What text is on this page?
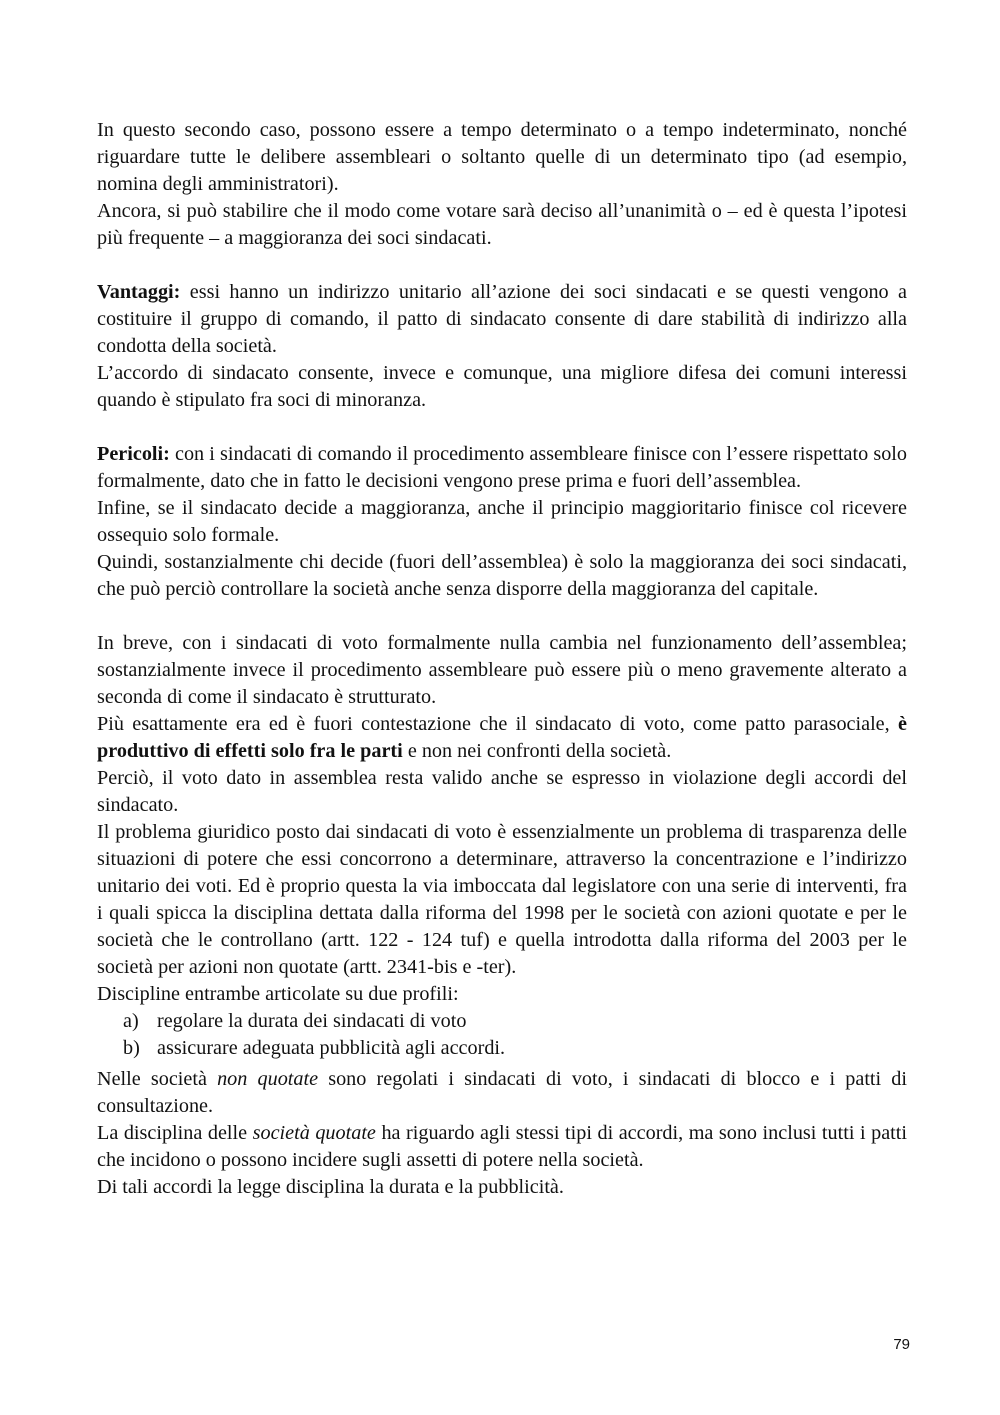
In questo secondo caso, possono essere a tempo determinato o a tempo indeterminato, nonché riguardare tutte le delibere assembleari o soltanto quelle di un determinato tipo (ad esempio, nomina degli amministratori).

Ancora, si può stabilire che il modo come votare sarà deciso all’unanimità o – ed è questa l’ipotesi più frequente – a maggioranza dei soci sindacati.

Vantaggi: essi hanno un indirizzo unitario all’azione dei soci sindacati e se questi vengono a costituire il gruppo di comando, il patto di sindacato consente di dare stabilità di indirizzo alla condotta della società.

L’accordo di sindacato consente, invece e comunque, una migliore difesa dei comuni interessi quando è stipulato fra soci di minoranza.

Pericoli: con i sindacati di comando il procedimento assembleare finisce con l’essere rispettato solo formalmente, dato che in fatto le decisioni vengono prese prima e fuori dell’assemblea.

Infine, se il sindacato decide a maggioranza, anche il principio maggioritario finisce col ricevere ossequio solo formale.

Quindi, sostanzialmente chi decide (fuori dell’assemblea) è solo la maggioranza dei soci sindacati, che può perciò controllare la società anche senza disporre della maggioranza del capitale.

In breve, con i sindacati di voto formalmente nulla cambia nel funzionamento dell’assemblea; sostanzialmente invece il procedimento assembleare può essere più o meno gravemente alterato a seconda di come il sindacato è strutturato.

Più esattamente era ed è fuori contestazione che il sindacato di voto, come patto parasociale, è produttivo di effetti solo fra le parti e non nei confronti della società.

Perciò, il voto dato in assemblea resta valido anche se espresso in violazione degli accordi del sindacato.

Il problema giuridico posto dai sindacati di voto è essenzialmente un problema di trasparenza delle situazioni di potere che essi concorrono a determinare, attraverso la concentrazione e l’indirizzo unitario dei voti. Ed è proprio questa la via imboccata dal legislatore con una serie di interventi, fra i quali spicca la disciplina dettata dalla riforma del 1998 per le società con azioni quotate e per le società che le controllano (artt. 122 - 124 tuf) e quella introdotta dalla riforma del 2003 per le società per azioni non quotate (artt. 2341-bis e -ter).

Discipline entrambe articolate su due profili:

a) regolare la durata dei sindacati di voto
b) assicurare adeguata pubblicità agli accordi.

Nelle società non quotate sono regolati i sindacati di voto, i sindacati di blocco e i patti di consultazione.

La disciplina delle società quotate ha riguardo agli stessi tipi di accordi, ma sono inclusi tutti i patti che incidono o possono incidere sugli assetti di potere nella società.

Di tali accordi la legge disciplina la durata e la pubblicità.

79
